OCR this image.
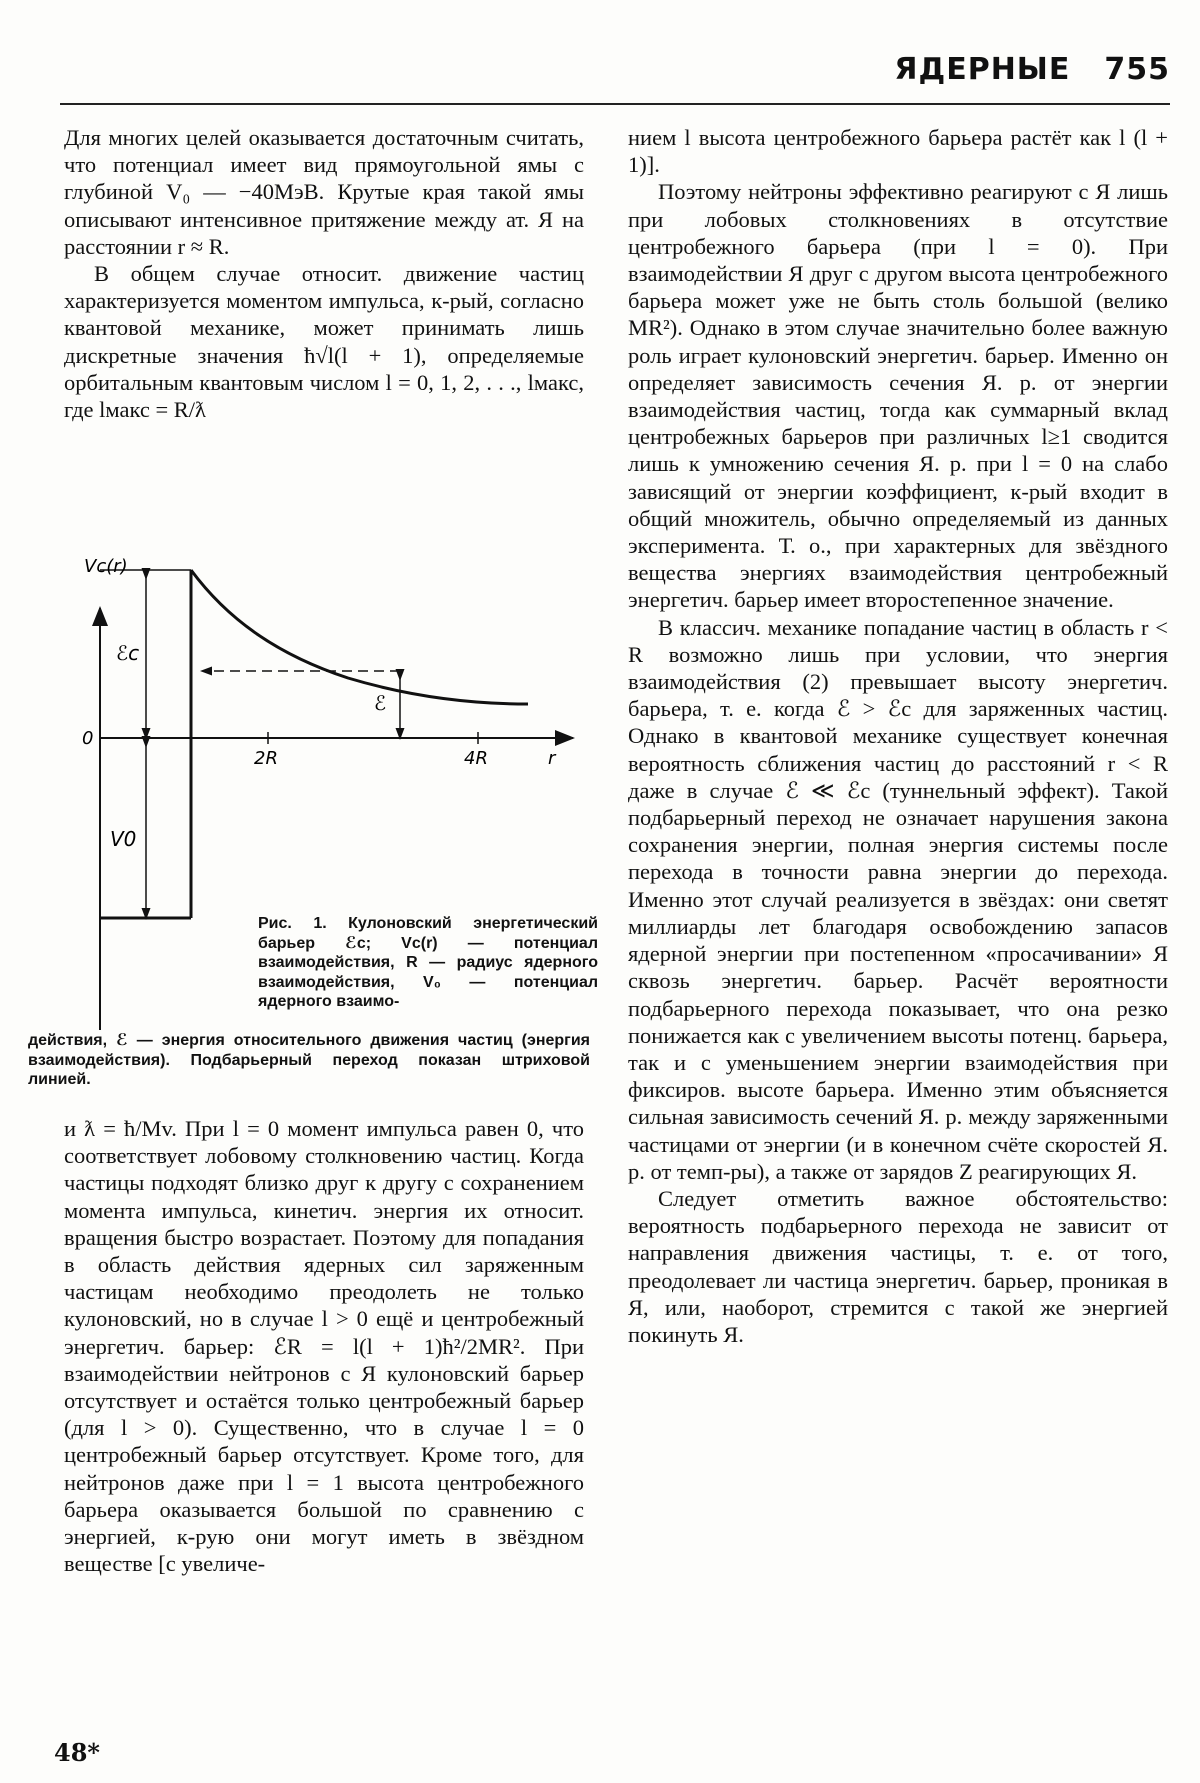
ЯДЕРНЫЕ 755

Для многих целей оказывается достаточным считать, что потенциал имеет вид прямоугольной ямы с глубиной V₀ — −40МэВ. Крутые края такой ямы описывают интенсивное притяжение между ат. Я на расстоянии r ≈ R.

В общем случае относит. движение частиц характеризуется моментом импульса, к-рый, согласно квантовой механике, может принимать лишь дискретные значения ħ√l(l + 1), определяемые орбитальным квантовым числом l = 0, 1, 2, . . ., lмакс, где lмакс = R/ƛ

Vc(r)
ℰc
0
2R	4R	r
ℰ
V0
Рис. 1. Кулоновский энергетический барьер ℰc; Vc(r) — потенциал взаимодействия, R — радиус ядерного взаимодействия, V₀ — потенциал ядерного взаимо-
действия, ℰ — энергия относительного движения частиц (энергия взаимодействия). Подбарьерный переход показан штриховой линией.

и ƛ = ħ/Mv. При l = 0 момент импульса равен 0, что соответствует лобовому столкновению частиц. Когда частицы подходят близко друг к другу с сохранением момента импульса, кинетич. энергия их относит. вращения быстро возрастает. Поэтому для попадания в область действия ядерных сил заряженным частицам необходимо преодолеть не только кулоновский, но в случае l > 0 ещё и центробежный энергетич. барьер: ℰR = l(l + 1)ħ²/2MR². При взаимодействии нейтронов с Я кулоновский барьер отсутствует и остаётся только центробежный барьер (для l > 0). Существенно, что в случае l = 0 центробежный барьер отсутствует. Кроме того, для нейтронов даже при l = 1 высота центробежного барьера оказывается большой по сравнению с энергией, к-рую они могут иметь в звёздном веществе [с увеличе-

нием l высота центробежного барьера растёт как l (l + 1)].

Поэтому нейтроны эффективно реагируют с Я лишь при лобовых столкновениях в отсутствие центробежного барьера (при l = 0). При взаимодействии Я друг с другом высота центробежного барьера может уже не быть столь большой (велико MR²). Однако в этом случае значительно более важную роль играет кулоновский энергетич. барьер. Именно он определяет зависимость сечения Я. р. от энергии взаимодействия частиц, тогда как суммарный вклад центробежных барьеров при различных l≥1 сводится лишь к умножению сечения Я. р. при l = 0 на слабо зависящий от энергии коэффициент, к-рый входит в общий множитель, обычно определяемый из данных эксперимента. Т. о., при характерных для звёздного вещества энергиях взаимодействия центробежный энергетич. барьер имеет второстепенное значение.

В классич. механике попадание частиц в область r < R возможно лишь при условии, что энергия взаимодействия (2) превышает высоту энергетич. барьера, т. е. когда ℰ > ℰc для заряженных частиц. Однако в квантовой механике существует конечная вероятность сближения частиц до расстояний r < R даже в случае ℰ ≪ ℰc (туннельный эффект). Такой подбарьерный переход не означает нарушения закона сохранения энергии, полная энергия системы после перехода в точности равна энергии до перехода. Именно этот случай реализуется в звёздах: они светят миллиарды лет благодаря освобождению запасов ядерной энергии при постепенном «просачивании» Я сквозь энергетич. барьер. Расчёт вероятности подбарьерного перехода показывает, что она резко понижается как с увеличением высоты потенц. барьера, так и с уменьшением энергии взаимодействия при фиксиров. высоте барьера. Именно этим объясняется сильная зависимость сечений Я. р. между заряженными частицами от энергии (и в конечном счёте скоростей Я. р. от темп-ры), а также от зарядов Z реагирующих Я.

Следует отметить важное обстоятельство: вероятность подбарьерного перехода не зависит от направления движения частицы, т. е. от того, преодолевает ли частица энергетич. барьер, проникая в Я, или, наоборот, стремится с такой же энергией покинуть Я.

48*
